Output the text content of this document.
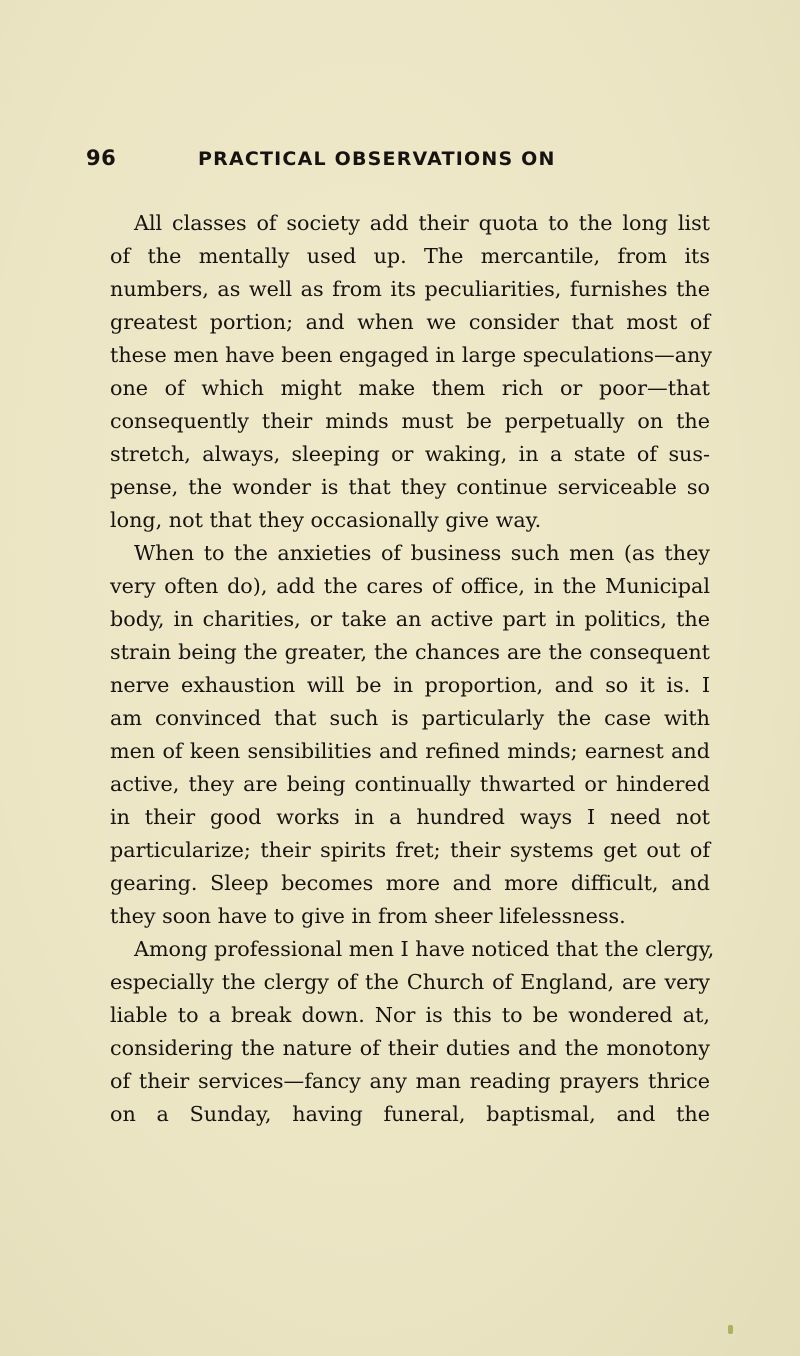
96	PRACTICAL OBSERVATIONS ON
All classes of society add their quota to the long list
of the mentally used up. The mercantile, from its
numbers, as well as from its peculiarities, furnishes the
greatest portion; and when we consider that most of
these men have been engaged in large speculations—any
one of which might make them rich or poor—that
consequently their minds must be perpetually on the
stretch, always, sleeping or waking, in a state of sus-
pense, the wonder is that they continue serviceable so
long, not that they occasionally give way.
When to the anxieties of business such men (as they
very often do), add the cares of office, in the Municipal
body, in charities, or take an active part in politics, the
strain being the greater, the chances are the consequent
nerve exhaustion will be in proportion, and so it is. I
am convinced that such is particularly the case with
men of keen sensibilities and refined minds; earnest and
active, they are being continually thwarted or hindered
in their good works in a hundred ways I need not
particularize; their spirits fret; their systems get out of
gearing. Sleep becomes more and more difficult, and
they soon have to give in from sheer lifelessness.
Among professional men I have noticed that the clergy,
especially the clergy of the Church of England, are very
liable to a break down. Nor is this to be wondered at,
considering the nature of their duties and the monotony
of their services—fancy any man reading prayers thrice
on a Sunday, having funeral, baptismal, and the
